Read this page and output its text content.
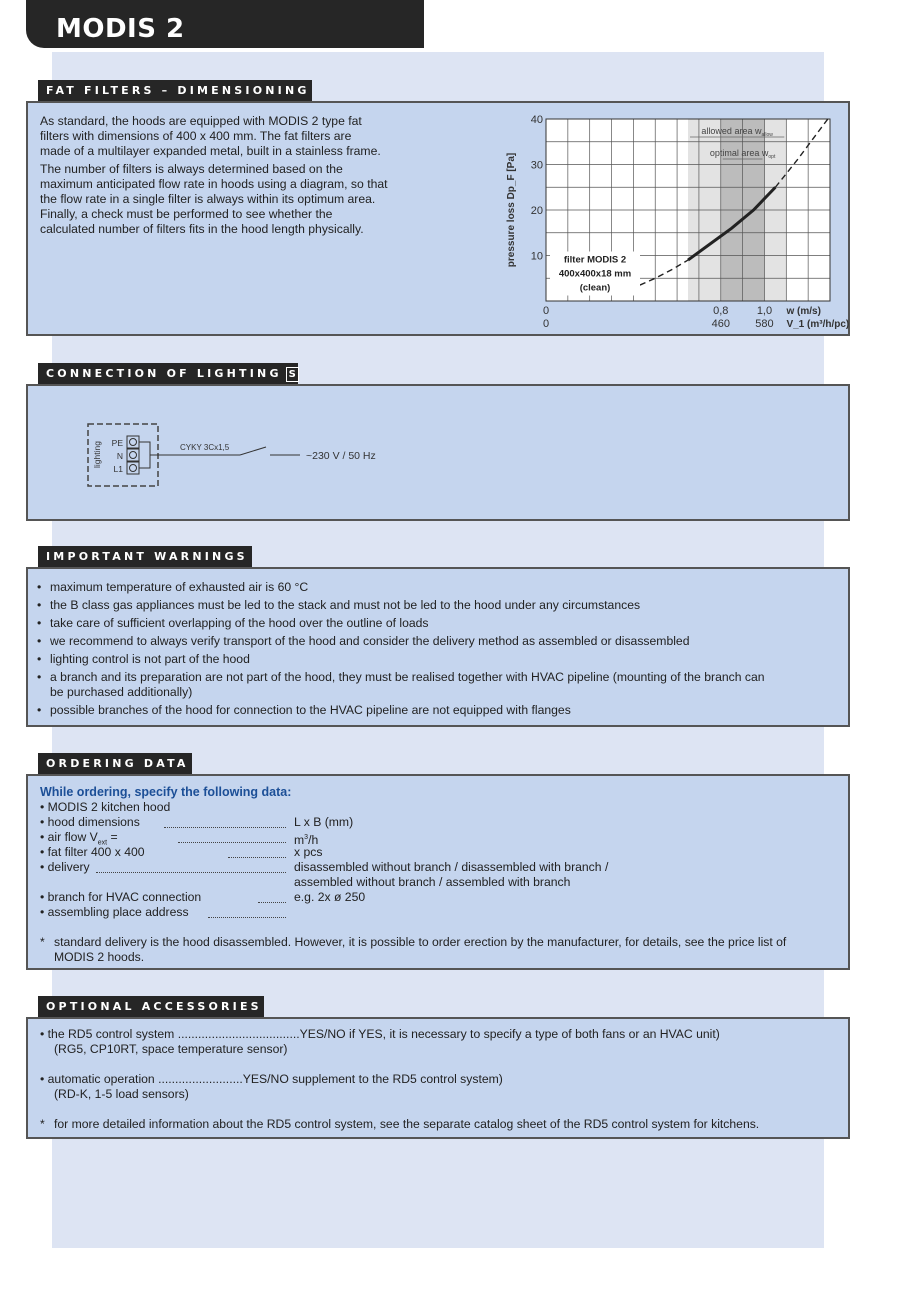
MODIS 2
FAT FILTERS – DIMENSIONING
As standard, the hoods are equipped with MODIS 2 type fat
filters with dimensions of 400 x 400 mm. The fat filters are
made of a multilayer expanded metal, built in a stainless frame.
The number of filters is always determined based on the
maximum anticipated flow rate in hoods using a diagram, so that
the flow rate in a single filter is always within its optimum area.
Finally, a check must be performed to see whether the
calculated number of filters fits in the hood length physically.
10
20
30
40
pressure loss Dp_F [Pa]
0	0,8	1,0
0	460 580
w (m/s)
V_1 (m³/h/pc)
allowed area $w_{allow}$
optimal area $w_{opt}$
filter MODIS 2
400x400x18 mm
(clean)
CONNECTION OF LIGHTING S
lighting PE
N
L1
CYKY 3Cx1,5
~230 V / 50 Hz
IMPORTANT WARNINGS
• maximum temperature of exhausted air is 60 °C
• the B class gas appliances must be led to the stack and must not be led to the hood under any circumstances
• take care of sufficient overlapping of the hood over the outline of loads
• we recommend to always verify transport of the hood and consider the delivery method as assembled or disassembled
• lighting control is not part of the hood
• a branch and its preparation are not part of the hood, they must be realised together with HVAC pipeline (mounting of the branch can
be purchased additionally)
• possible branches of the hood for connection to the HVAC pipeline are not equipped with flanges
ORDERING DATA
While ordering, specify the following data:
• MODIS 2 kitchen hood
• hood dimensions	L x B (mm)
• air flow $V_{ext}$ =	$m^3/h$
• fat filter 400 x 400	x pcs
• delivery	disassembled without branch / disassembled with branch /
assembled without branch / assembled with branch
• branch for HVAC connection	e.g. 2x ø 250
• assembling place address
* standard delivery is the hood disassembled. However, it is possible to order erection by the manufacturer, for details, see the price list of
MODIS 2 hoods.
OPTIONAL ACCESSORIES
• the RD5 control system ....................................YES/NO if YES, it is necessary to specify a type of both fans or an HVAC unit)
(RG5, CP10RT, space temperature sensor)
• automatic operation .........................YES/NO supplement to the RD5 control system)
(RD-K, 1-5 load sensors)
* for more detailed information about the RD5 control system, see the separate catalog sheet of the RD5 control system for kitchens.
